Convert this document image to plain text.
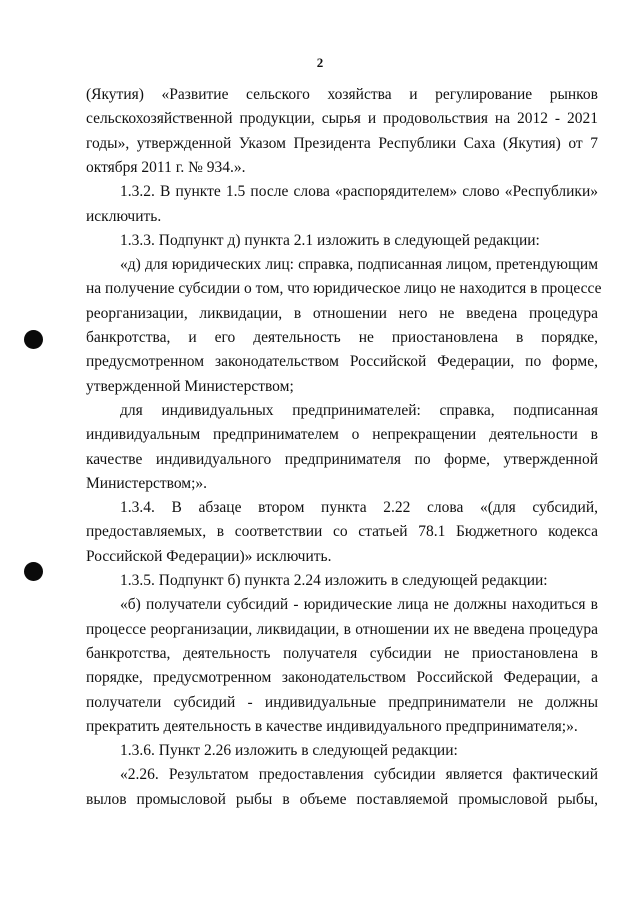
2
(Якутия) «Развитие сельского хозяйства и регулирование рынков
сельскохозяйственной продукции, сырья и продовольствия на 2012 - 2021
годы», утвержденной Указом Президента Республики Саха (Якутия) от 7
октября 2011 г. № 934.».
1.3.2. В пункте 1.5 после слова «распорядителем» слово «Республики»
исключить.
1.3.3. Подпункт д) пункта 2.1 изложить в следующей редакции:
«д) для юридических лиц: справка, подписанная лицом, претендующим
на получение субсидии о том, что юридическое лицо не находится в процессе
реорганизации, ликвидации, в отношении него не введена процедура
банкротства, и его деятельность не приостановлена в порядке,
предусмотренном законодательством Российской Федерации, по форме,
утвержденной Министерством;
для индивидуальных предпринимателей: справка, подписанная
индивидуальным предпринимателем о непрекращении деятельности в
качестве индивидуального предпринимателя по форме, утвержденной
Министерством;».
1.3.4. В абзаце втором пункта 2.22 слова «(для субсидий,
предоставляемых, в соответствии со статьей 78.1 Бюджетного кодекса
Российской Федерации)» исключить.
1.3.5. Подпункт б) пункта 2.24 изложить в следующей редакции:
«б) получатели субсидий - юридические лица не должны находиться в
процессе реорганизации, ликвидации, в отношении их не введена процедура
банкротства, деятельность получателя субсидии не приостановлена в
порядке, предусмотренном законодательством Российской Федерации, а
получатели субсидий - индивидуальные предприниматели не должны
прекратить деятельность в качестве индивидуального предпринимателя;».
1.3.6. Пункт 2.26 изложить в следующей редакции:
«2.26. Результатом предоставления субсидии является фактический
вылов промысловой рыбы в объеме поставляемой промысловой рыбы,
